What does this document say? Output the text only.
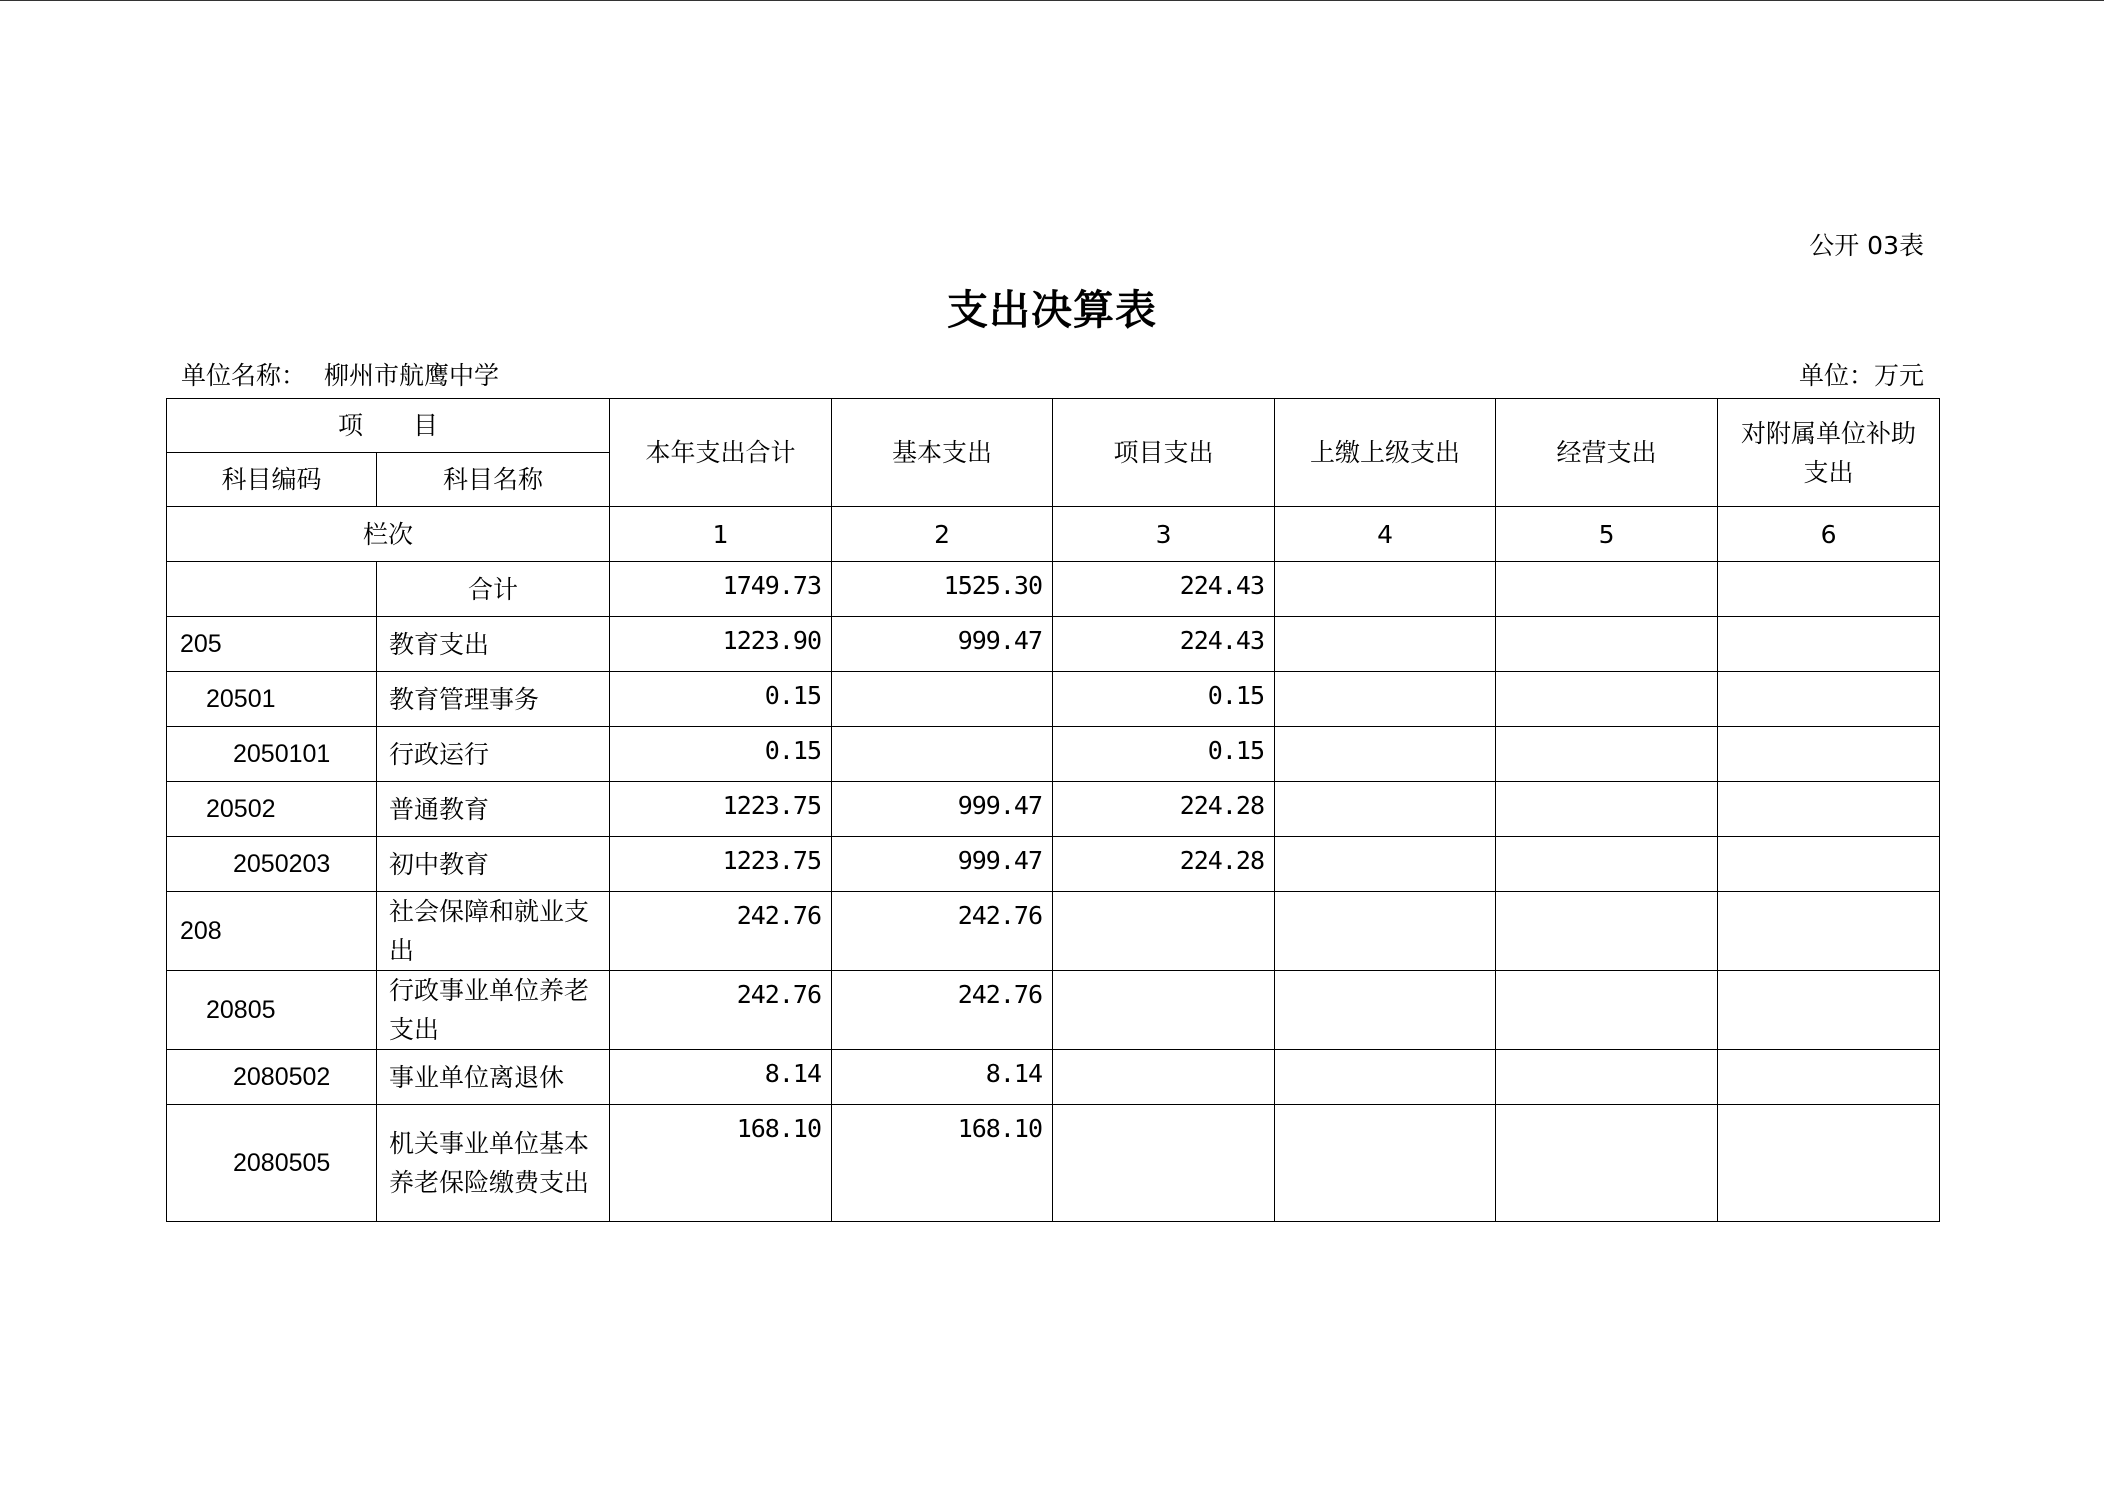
公开 03表
支出决算表
单位名称： 柳州市航鹰中学	单位：万元
项　　目		本年支出合计	基本支出	项目支出	上缴上级支出	经营支出	对附属单位补助支出
科目编码	科目名称						
栏次		1	2	3	4	5	6
	合计	1749.73	1525.30	224.43			
205	教育支出	1223.90	999.47	224.43			
20501	教育管理事务	0.15		0.15			
2050101	行政运行	0.15		0.15			
20502	普通教育	1223.75	999.47	224.28			
2050203	初中教育	1223.75	999.47	224.28			
208	社会保障和就业支出	242.76	242.76				
20805	行政事业单位养老支出	242.76	242.76				
2080502	事业单位离退休	8.14	8.14				
2080505	机关事业单位基本养老保险缴费支出	168.10	168.10				
